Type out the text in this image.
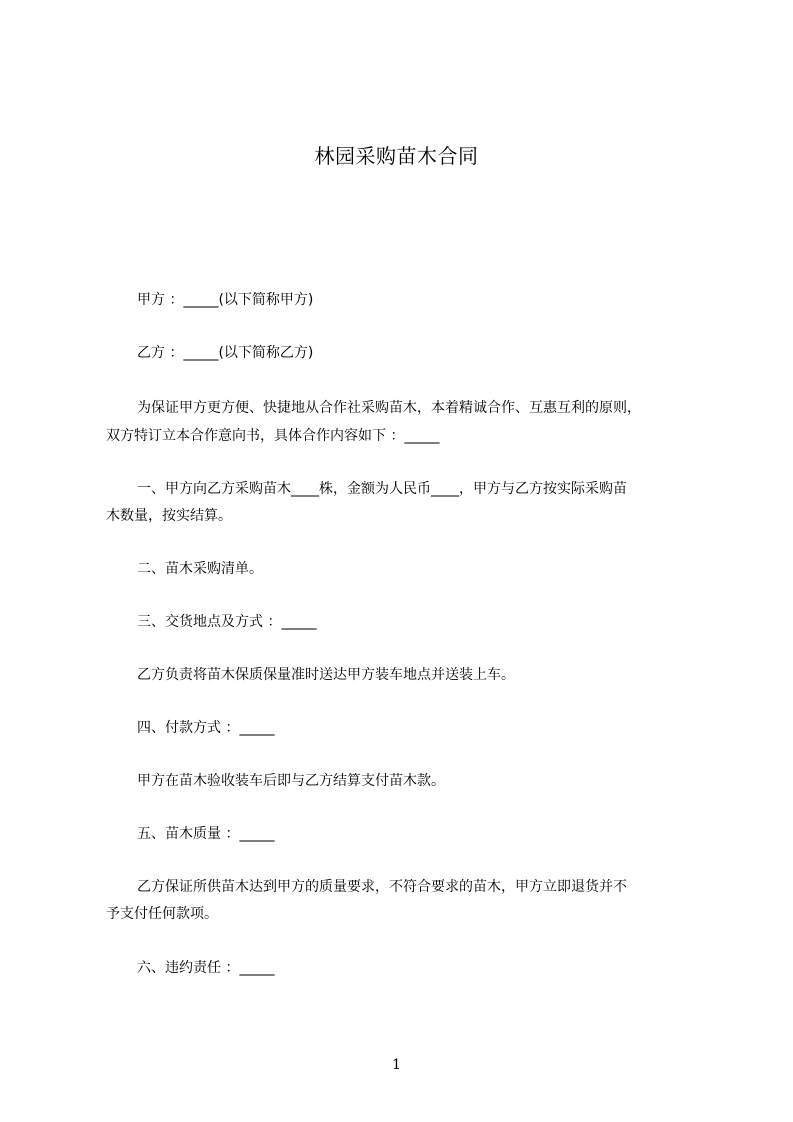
林园采购苗木合同
甲方 ：_____(以下简称甲方)
乙方 ：_____(以下简称乙方)
为保证甲方更方便、快捷地从合作社采购苗木，本着精诚合作、互惠互利的原则，
双方特订立本合作意向书，具体合作内容如下 ：_____
一、甲方向乙方采购苗木____株，金额为人民币____，甲方与乙方按实际采购苗
木数量，按实结算。
二、苗木采购清单。
三、交货地点及方式 ：_____
乙方负责将苗木保质保量准时送达甲方装车地点并送装上车。
四、付款方式 ：_____
甲方在苗木验收装车后即与乙方结算支付苗木款。
五、苗木质量 ：_____
乙方保证所供苗木达到甲方的质量要求，不符合要求的苗木，甲方立即退货并不
予支付任何款项。
六、违约责任 ：_____
1
